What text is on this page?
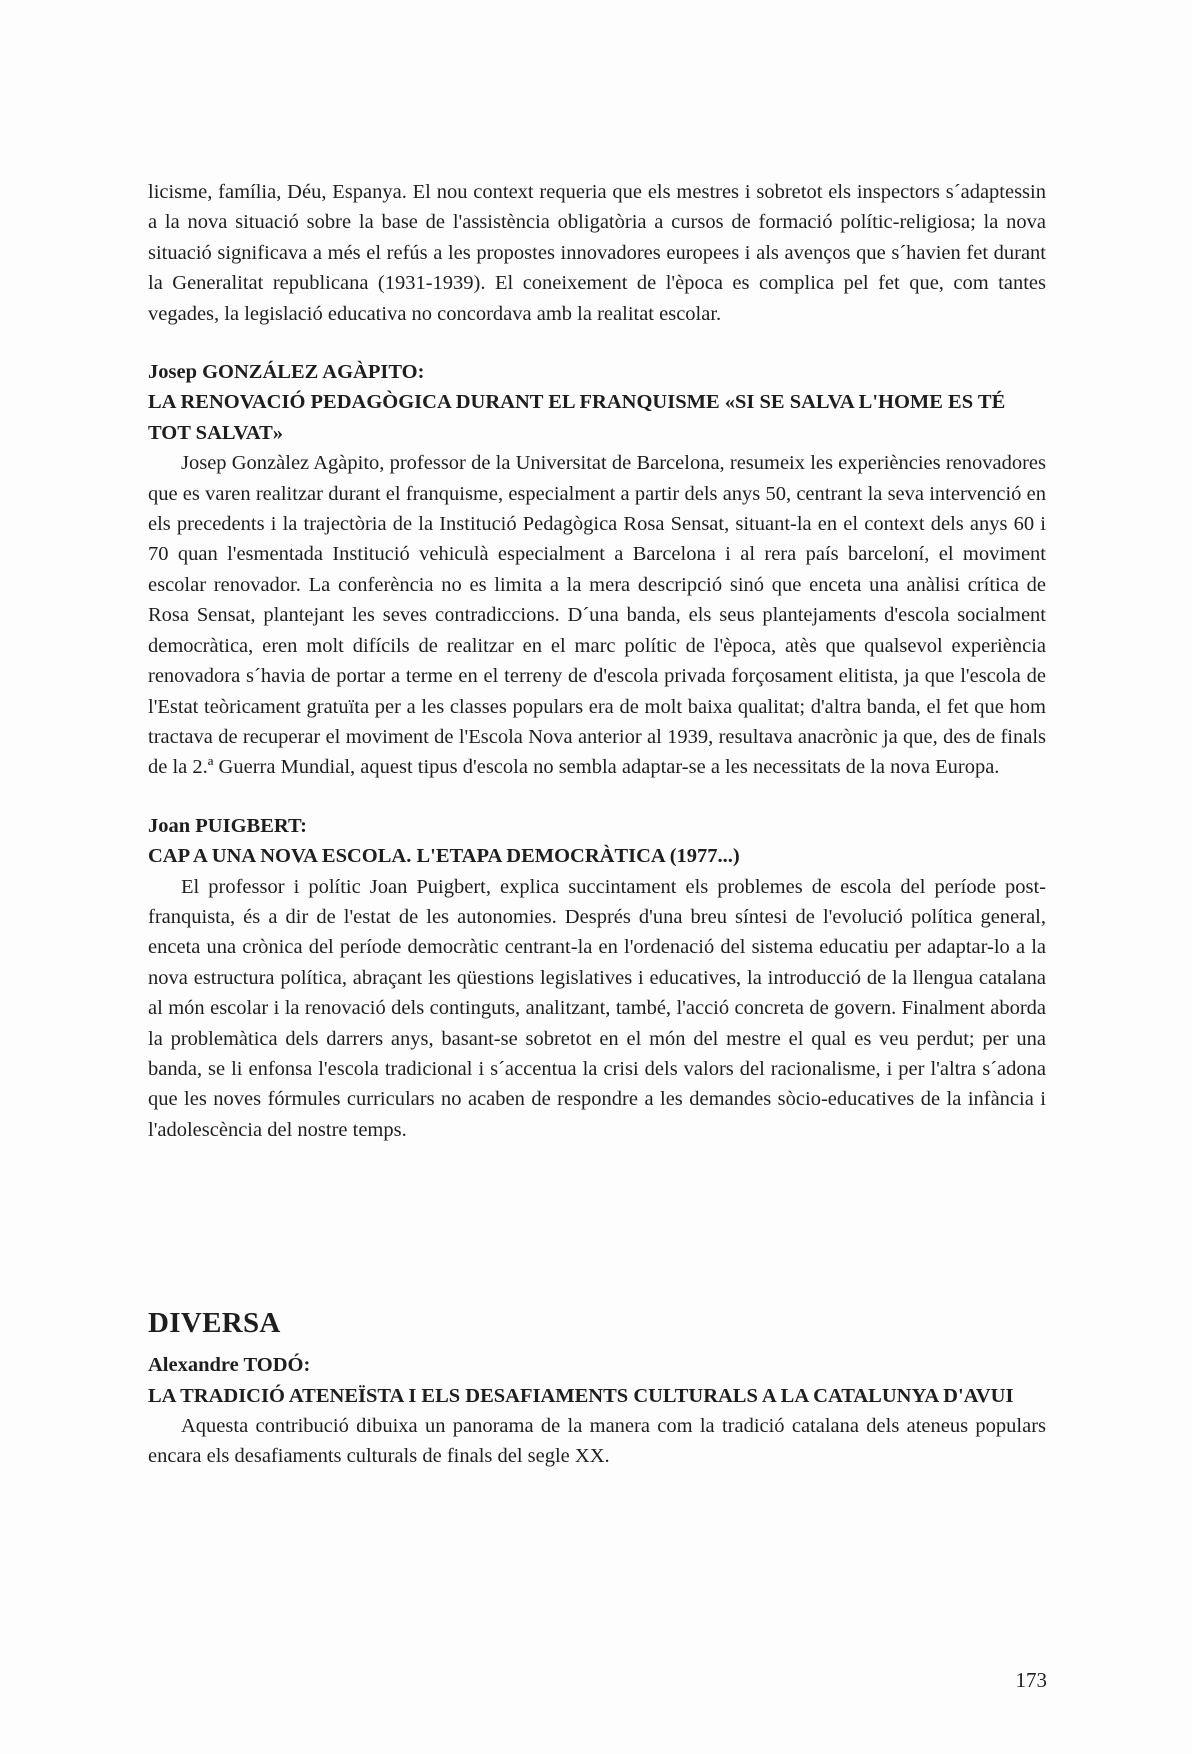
licisme, família, Déu, Espanya. El nou context requeria que els mestres i sobretot els inspectors s´adaptessin a la nova situació sobre la base de l'assistència obligatòria a cursos de formació polític-religiosa; la nova situació significava a més el refús a les propostes innovadores europees i als avenços que s´havien fet durant la Generalitat republicana (1931-1939). El coneixement de l'època es complica pel fet que, com tantes vegades, la legislació educativa no concordava amb la realitat escolar.

Josep GONZÁLEZ AGÀPITO:
LA RENOVACIÓ PEDAGÒGICA DURANT EL FRANQUISME «SI SE SALVA L'HOME ES TÉ TOT SALVAT»

Josep Gonzàlez Agàpito, professor de la Universitat de Barcelona, resumeix les experiències renovadores que es varen realitzar durant el franquisme, especialment a partir dels anys 50, centrant la seva intervenció en els precedents i la trajectòria de la Institució Pedagògica Rosa Sensat, situant-la en el context dels anys 60 i 70 quan l'esmentada Institució vehiculà especialment a Barcelona i al rera país barceloní, el moviment escolar renovador. La conferència no es limita a la mera descripció sinó que enceta una anàlisi crítica de Rosa Sensat, plantejant les seves contradiccions. D´una banda, els seus plantejaments d'escola socialment democràtica, eren molt difícils de realitzar en el marc polític de l'època, atès que qualsevol experiència renovadora s´havia de portar a terme en el terreny de d'escola privada forçosament elitista, ja que l'escola de l'Estat teòricament gratuïta per a les classes populars era de molt baixa qualitat; d'altra banda, el fet que hom tractava de recuperar el moviment de l'Escola Nova anterior al 1939, resultava anacrònic ja que, des de finals de la 2.ª Guerra Mundial, aquest tipus d'escola no sembla adaptar-se a les necessitats de la nova Europa.

Joan PUIGBERT:
CAP A UNA NOVA ESCOLA. L'ETAPA DEMOCRÀTICA (1977...)

El professor i polític Joan Puigbert, explica succintament els problemes de escola del període post-franquista, és a dir de l'estat de les autonomies. Després d'una breu síntesi de l'evolució política general, enceta una crònica del període democràtic centrant-la en l'ordenació del sistema educatiu per adaptar-lo a la nova estructura política, abraçant les qüestions legislatives i educatives, la introducció de la llengua catalana al món escolar i la renovació dels continguts, analitzant, també, l'acció concreta de govern. Finalment aborda la problemàtica dels darrers anys, basant-se sobretot en el món del mestre el qual es veu perdut; per una banda, se li enfonsa l'escola tradicional i s´accentua la crisi dels valors del racionalisme, i per l'altra s´adona que les noves fórmules curriculars no acaben de respondre a les demandes sòcio-educatives de la infància i l'adolescència del nostre temps.

DIVERSA
Alexandre TODÓ:
LA TRADICIÓ ATENEÏSTA I ELS DESAFIAMENTS CULTURALS A LA CATALUNYA D'AVUI

Aquesta contribució dibuixa un panorama de la manera com la tradició catalana dels ateneus populars encara els desafiaments culturals de finals del segle XX.

173
